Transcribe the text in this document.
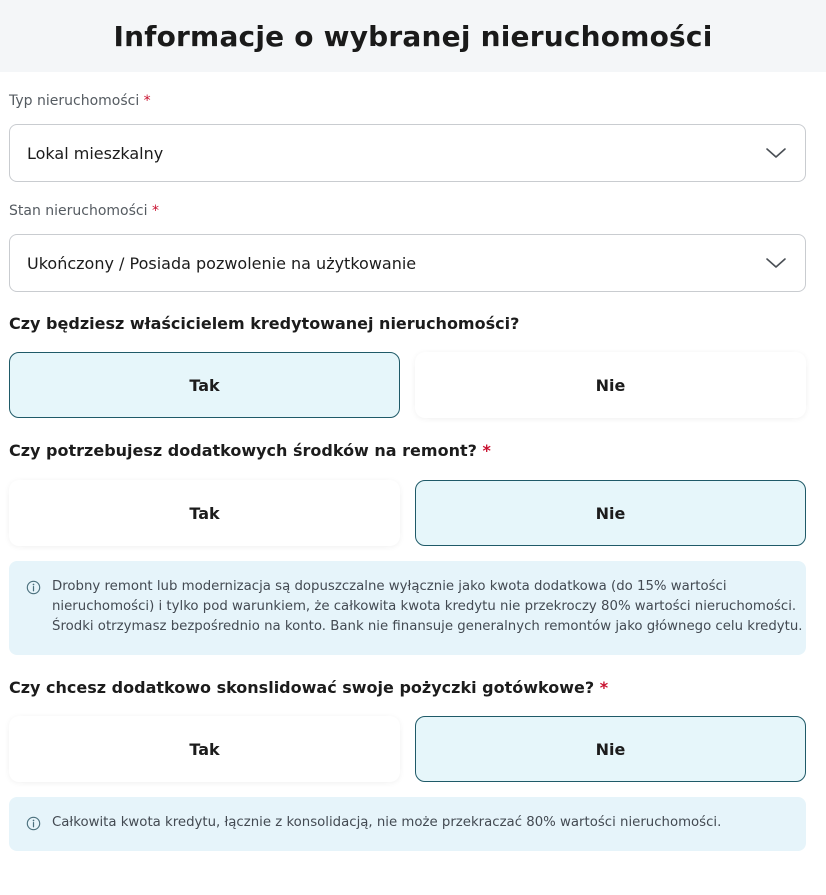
Informacje o wybranej nieruchomości
Typ nieruchomości *
Lokal mieszkalny
Stan nieruchomości *
Ukończony / Posiada pozwolenie na użytkowanie
Czy będziesz właścicielem kredytowanej nieruchomości?
Tak	Nie
Czy potrzebujesz dodatkowych środków na remont? *
Tak	Nie

Drobny remont lub modernizacja są dopuszczalne wyłącznie jako kwota dodatkowa (do 15% wartości

nieruchomości) i tylko pod warunkiem, że całkowita kwota kredytu nie przekroczy 80% wartości nieruchomości.

Środki otrzymasz bezpośrednio na konto. Bank nie finansuje generalnych remontów jako głównego celu kredytu.

Czy chcesz dodatkowo skonslidować swoje pożyczki gotówkowe? *
Tak	Nie

Całkowita kwota kredytu, łącznie z konsolidacją, nie może przekraczać 80% wartości nieruchomości.
